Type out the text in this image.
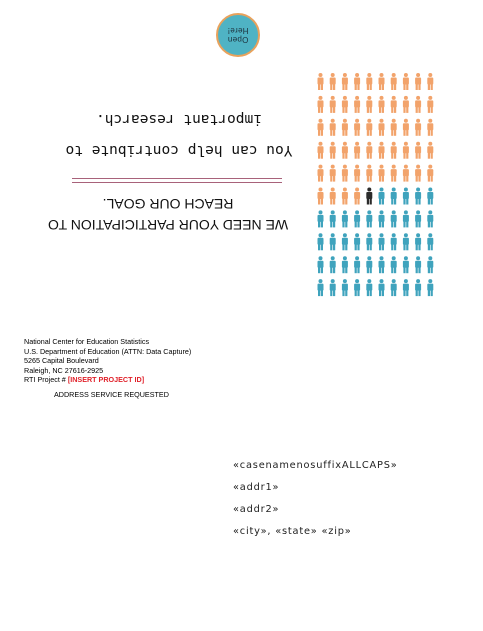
Open
Here!
You can help contribute to
important research.
WE NEED YOUR PARTICIPATION TO
REACH OUR GOAL.
National Center for Education Statistics
U.S. Department of Education (ATTN: Data Capture)
5265 Capital Boulevard
Raleigh, NC 27616-2925
RTI Project # [INSERT PROJECT ID]
ADDRESS SERVICE REQUESTED
«casenamenosuffixALLCAPS»
«addr1»
«addr2»
«city», «state» «zip»
